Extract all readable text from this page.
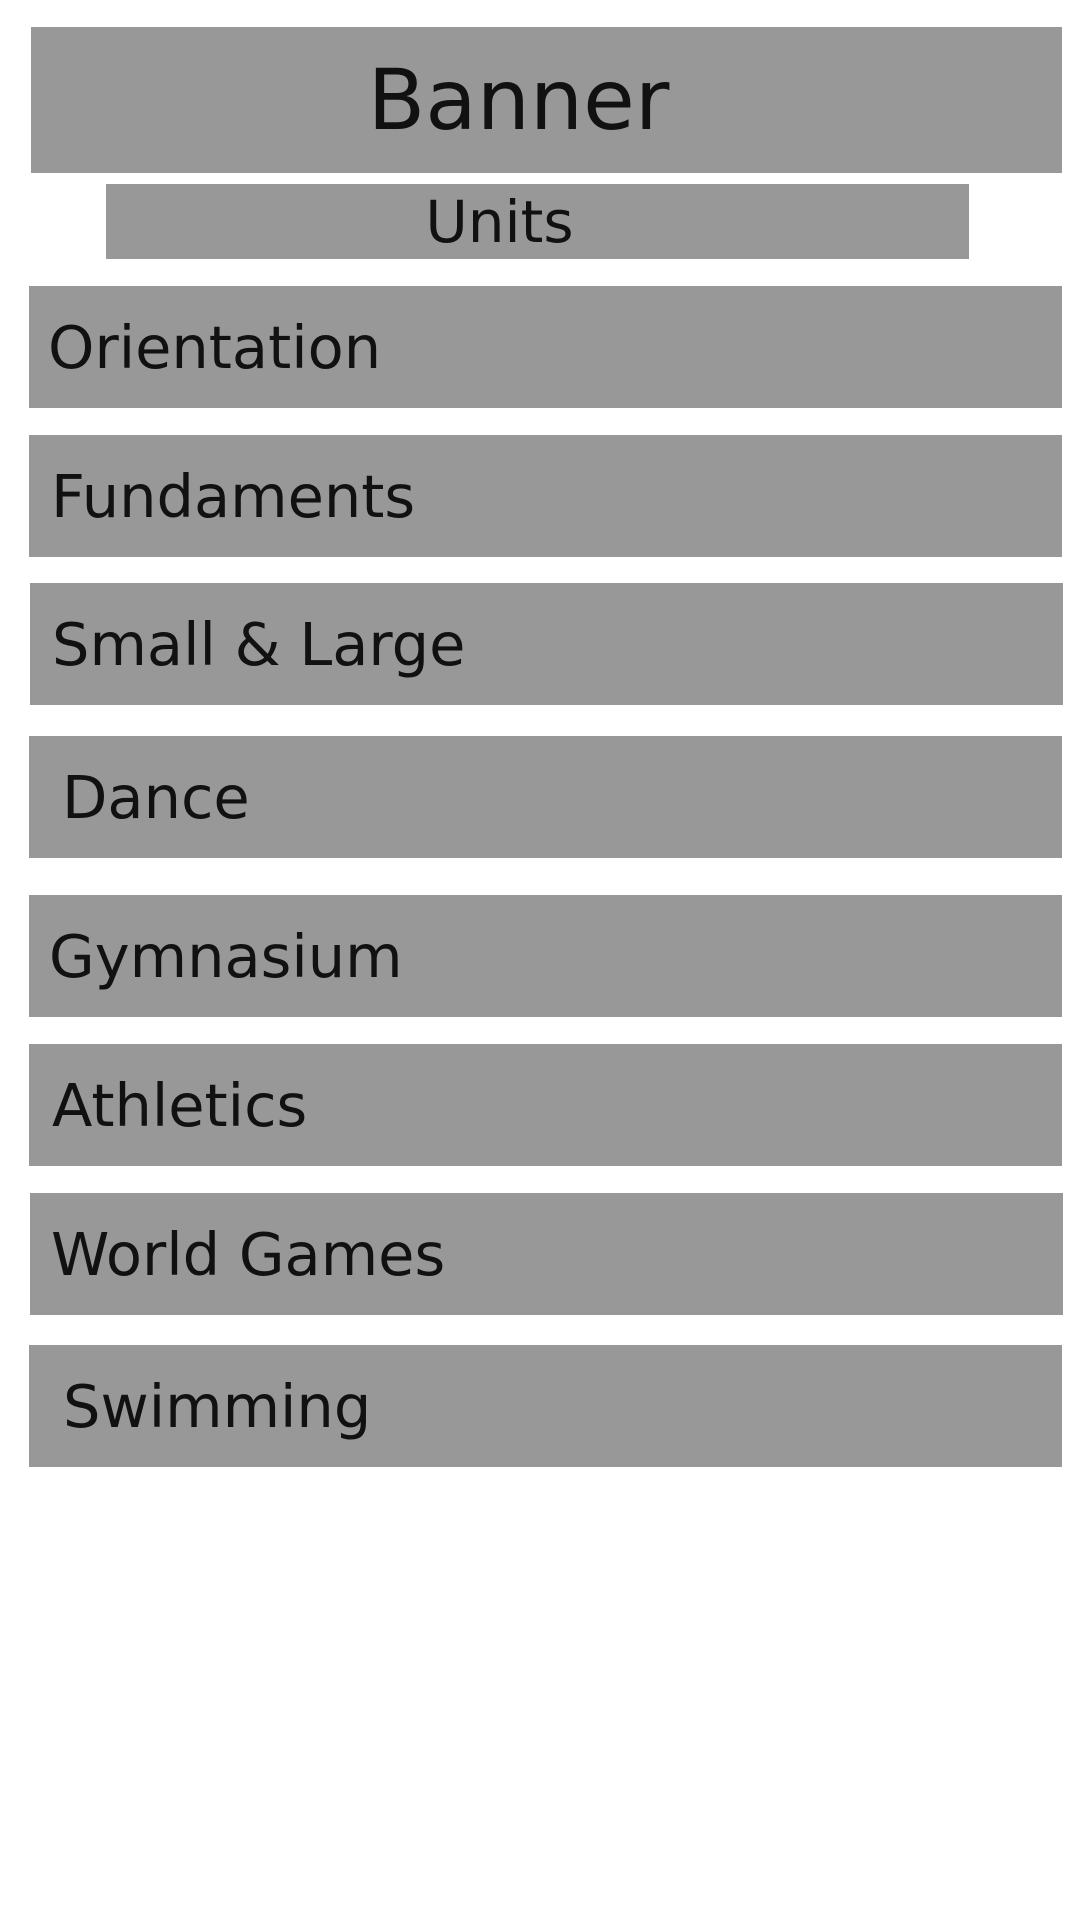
Banner
Units
Orientation
Fundaments
Small & Large
Dance
Gymnasium
Athletics
World Games
Swimming
